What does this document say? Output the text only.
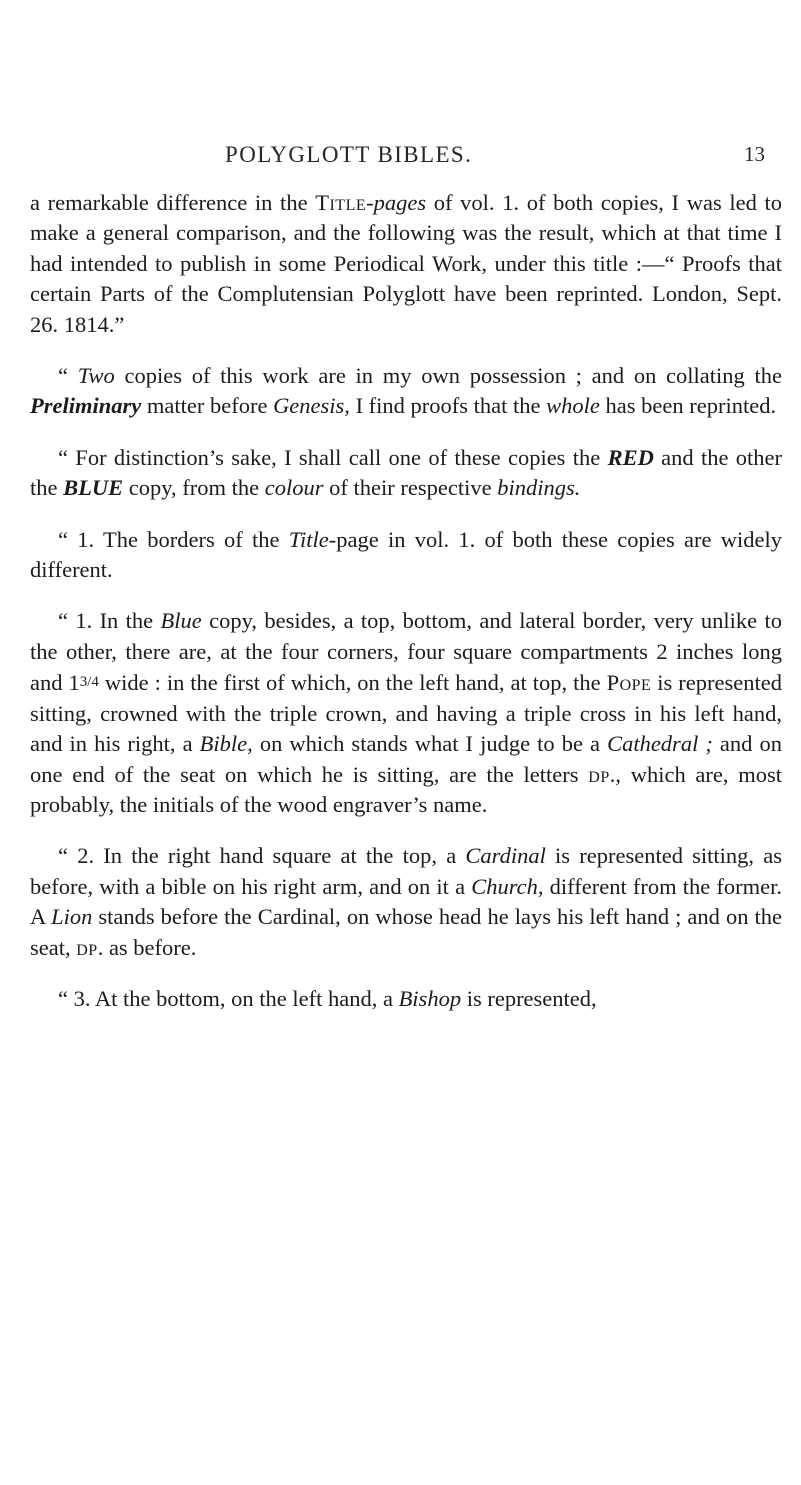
POLYGLOTT BIBLES.	13

a remarkable difference in the Title-pages of vol. 1. of both copies, I was led to make a general comparison, and the following was the result, which at that time I had intended to publish in some Periodical Work, under this title :—“ Proofs that certain Parts of the Complutensian Polyglott have been reprinted. London, Sept. 26. 1814.”

“ Two copies of this work are in my own possession ; and on collating the Preliminary matter before Genesis, I find proofs that the whole has been reprinted.

“ For distinction’s sake, I shall call one of these copies the RED and the other the BLUE copy, from the colour of their respective bindings.

“ 1. The borders of the Title-page in vol. 1. of both these copies are widely different.

“ 1. In the Blue copy, besides, a top, bottom, and lateral border, very unlike to the other, there are, at the four corners, four square compartments 2 inches long and 13/4 wide : in the first of which, on the left hand, at top, the Pope is represented sitting, crowned with the triple crown, and having a triple cross in his left hand, and in his right, a Bible, on which stands what I judge to be a Cathedral ; and on one end of the seat on which he is sitting, are the letters dp., which are, most probably, the initials of the wood engraver’s name.

“ 2. In the right hand square at the top, a Cardinal is represented sitting, as before, with a bible on his right arm, and on it a Church, different from the former. A Lion stands before the Cardinal, on whose head he lays his left hand ; and on the seat, dp. as before.

“ 3. At the bottom, on the left hand, a Bishop is represented,
